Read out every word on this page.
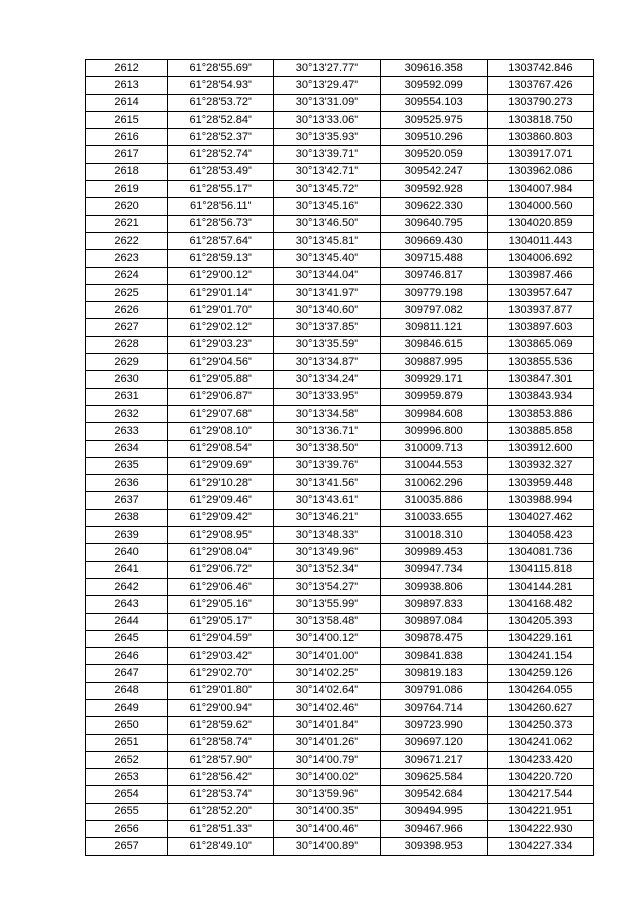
2612	61°28'55.69"	30°13'27.77"	309616.358	1303742.846
2613	61°28'54.93"	30°13'29.47"	309592.099	1303767.426
2614	61°28'53.72"	30°13'31.09"	309554.103	1303790.273
2615	61°28'52.84"	30°13'33.06"	309525.975	1303818.750
2616	61°28'52.37"	30°13'35.93"	309510.296	1303860.803
2617	61°28'52.74"	30°13'39.71"	309520.059	1303917.071
2618	61°28'53.49"	30°13'42.71"	309542.247	1303962.086
2619	61°28'55.17"	30°13'45.72"	309592.928	1304007.984
2620	61°28'56.11"	30°13'45.16"	309622.330	1304000.560
2621	61°28'56.73"	30°13'46.50"	309640.795	1304020.859
2622	61°28'57.64"	30°13'45.81"	309669.430	1304011.443
2623	61°28'59.13"	30°13'45.40"	309715.488	1304006.692
2624	61°29'00.12"	30°13'44.04"	309746.817	1303987.466
2625	61°29'01.14"	30°13'41.97"	309779.198	1303957.647
2626	61°29'01.70"	30°13'40.60"	309797.082	1303937.877
2627	61°29'02.12"	30°13'37.85"	309811.121	1303897.603
2628	61°29'03.23"	30°13'35.59"	309846.615	1303865.069
2629	61°29'04.56"	30°13'34.87"	309887.995	1303855.536
2630	61°29'05.88"	30°13'34.24"	309929.171	1303847.301
2631	61°29'06.87"	30°13'33.95"	309959.879	1303843.934
2632	61°29'07.68"	30°13'34.58"	309984.608	1303853.886
2633	61°29'08.10"	30°13'36.71"	309996.800	1303885.858
2634	61°29'08.54"	30°13'38.50"	310009.713	1303912.600
2635	61°29'09.69"	30°13'39.76"	310044.553	1303932.327
2636	61°29'10.28"	30°13'41.56"	310062.296	1303959.448
2637	61°29'09.46"	30°13'43.61"	310035.886	1303988.994
2638	61°29'09.42"	30°13'46.21"	310033.655	1304027.462
2639	61°29'08.95"	30°13'48.33"	310018.310	1304058.423
2640	61°29'08.04"	30°13'49.96"	309989.453	1304081.736
2641	61°29'06.72"	30°13'52.34"	309947.734	1304115.818
2642	61°29'06.46"	30°13'54.27"	309938.806	1304144.281
2643	61°29'05.16"	30°13'55.99"	309897.833	1304168.482
2644	61°29'05.17"	30°13'58.48"	309897.084	1304205.393
2645	61°29'04.59"	30°14'00.12"	309878.475	1304229.161
2646	61°29'03.42"	30°14'01.00"	309841.838	1304241.154
2647	61°29'02.70"	30°14'02.25"	309819.183	1304259.126
2648	61°29'01.80"	30°14'02.64"	309791.086	1304264.055
2649	61°29'00.94"	30°14'02.46"	309764.714	1304260.627
2650	61°28'59.62"	30°14'01.84"	309723.990	1304250.373
2651	61°28'58.74"	30°14'01.26"	309697.120	1304241.062
2652	61°28'57.90"	30°14'00.79"	309671.217	1304233.420
2653	61°28'56.42"	30°14'00.02"	309625.584	1304220.720
2654	61°28'53.74"	30°13'59.96"	309542.684	1304217.544
2655	61°28'52.20"	30°14'00.35"	309494.995	1304221.951
2656	61°28'51.33"	30°14'00.46"	309467.966	1304222.930
2657	61°28'49.10"	30°14'00.89"	309398.953	1304227.334
